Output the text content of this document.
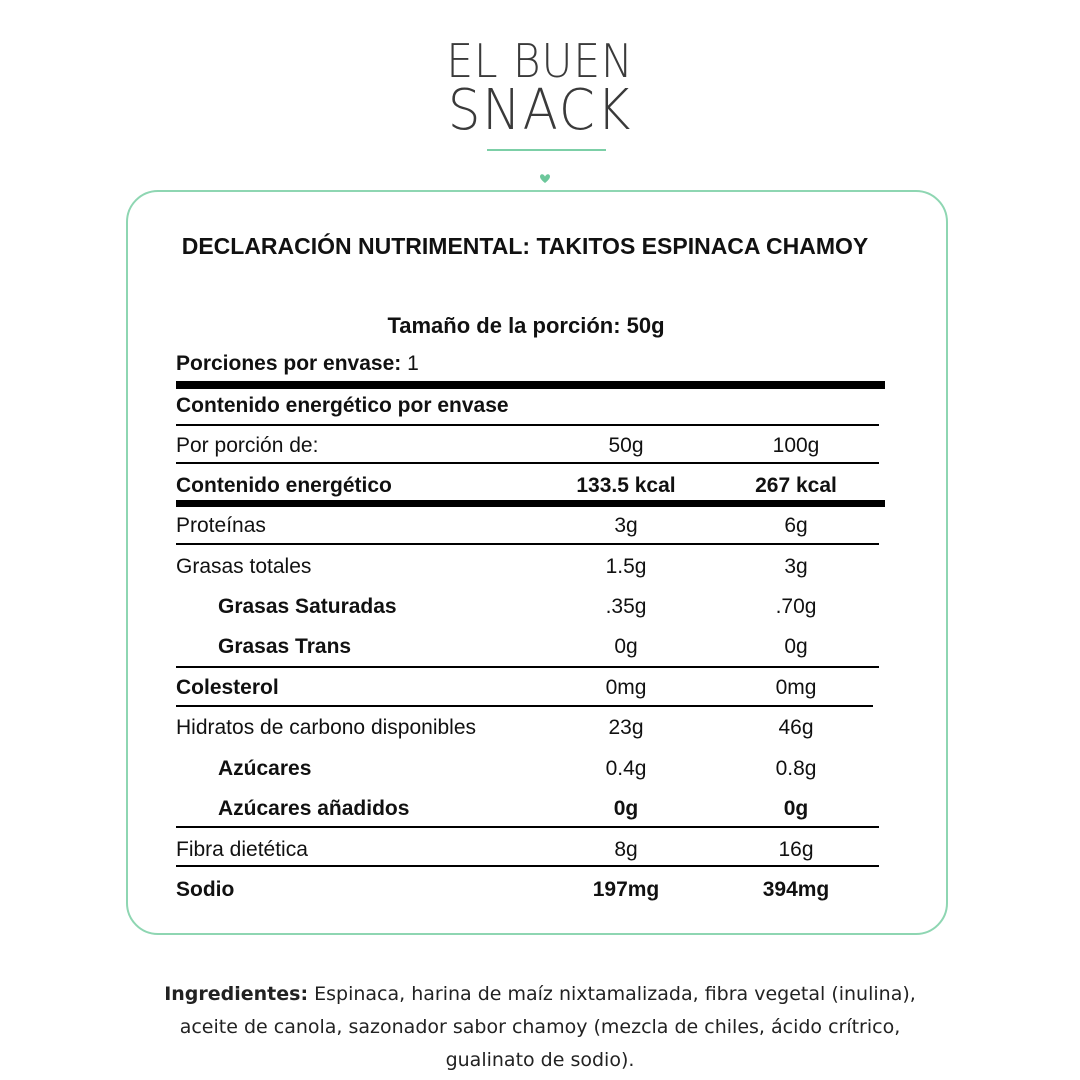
EL BUEN
SNACK
DECLARACIÓN NUTRIMENTAL: TAKITOS ESPINACA CHAMOY
Tamaño de la porción: 50g
Porciones por envase: 1
Contenido energético por envase
Por porción de:	50g	100g
Contenido energético	133.5 kcal	267 kcal
Proteínas	3g	6g
Grasas totales	1.5g	3g
Grasas Saturadas	.35g	.70g
Grasas Trans	0g	0g
Colesterol	0mg	0mg
Hidratos de carbono disponibles	23g	46g
Azúcares	0.4g	0.8g
Azúcares añadidos	0g	0g
Fibra dietética	8g	16g
Sodio	197mg	394mg
Ingredientes: Espinaca, harina de maíz nixtamalizada, fibra vegetal (inulina), aceite de canola, sazonador sabor chamoy (mezcla de chiles, ácido crítrico, gualinato de sodio).
